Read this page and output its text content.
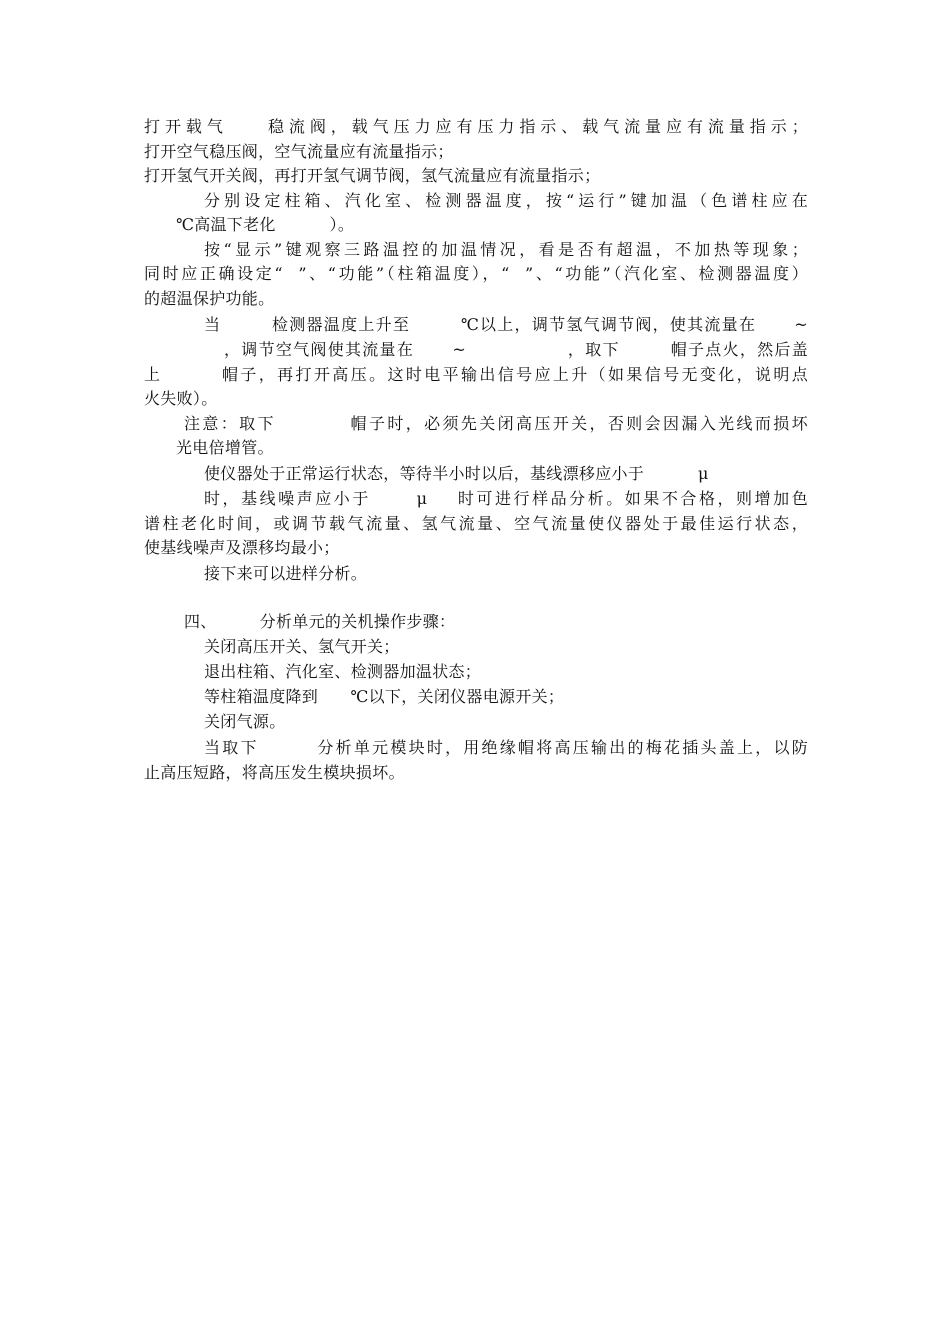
打开载气    稳流阀，载气压力应有压力指示、载气流量应有流量指示；
打开空气稳压阀，空气流量应有流量指示；
打开氢气开关阀，再打开氢气调节阀，氢气流量应有流量指示；
分别设定柱箱、汽化室、检测器温度，按“运行”键加温（色谱柱应在
℃高温下老化          ）。
按“显示”键观察三路温控的加温情况，看是否有超温，不加热等现象；
同时应正确设定“  ”、“功能”（柱箱温度），“  ”、“功能”（汽化室、检测器温度）
的超温保护功能。
当        检测器温度上升至        ℃以上，调节氢气调节阀，使其流量在      ~
，调节空气阀使其流量在      ~                ，取下        帽子点火，然后盖
上        帽子，再打开高压。这时电平输出信号应上升（如果信号无变化，说明点
火失败）。
注意：取下          帽子时，必须先关闭高压开关，否则会因漏入光线而损坏
光电倍增管。
使仪器处于正常运行状态，等待半小时以后，基线漂移应小于          μ
时，基线噪声应小于      μ    时可进行样品分析。如果不合格，则增加色
谱柱老化时间，或调节载气流量、氢气流量、空气流量使仪器处于最佳运行状态，
使基线噪声及漂移均最小；
接下来可以进样分析。
四、        分析单元的关机操作步骤：
关闭高压开关、氢气开关；
退出柱箱、汽化室、检测器加温状态；
等柱箱温度降到      ℃以下，关闭仪器电源开关；
关闭气源。
当取下        分析单元模块时，用绝缘帽将高压输出的梅花插头盖上，以防
止高压短路，将高压发生模块损坏。
